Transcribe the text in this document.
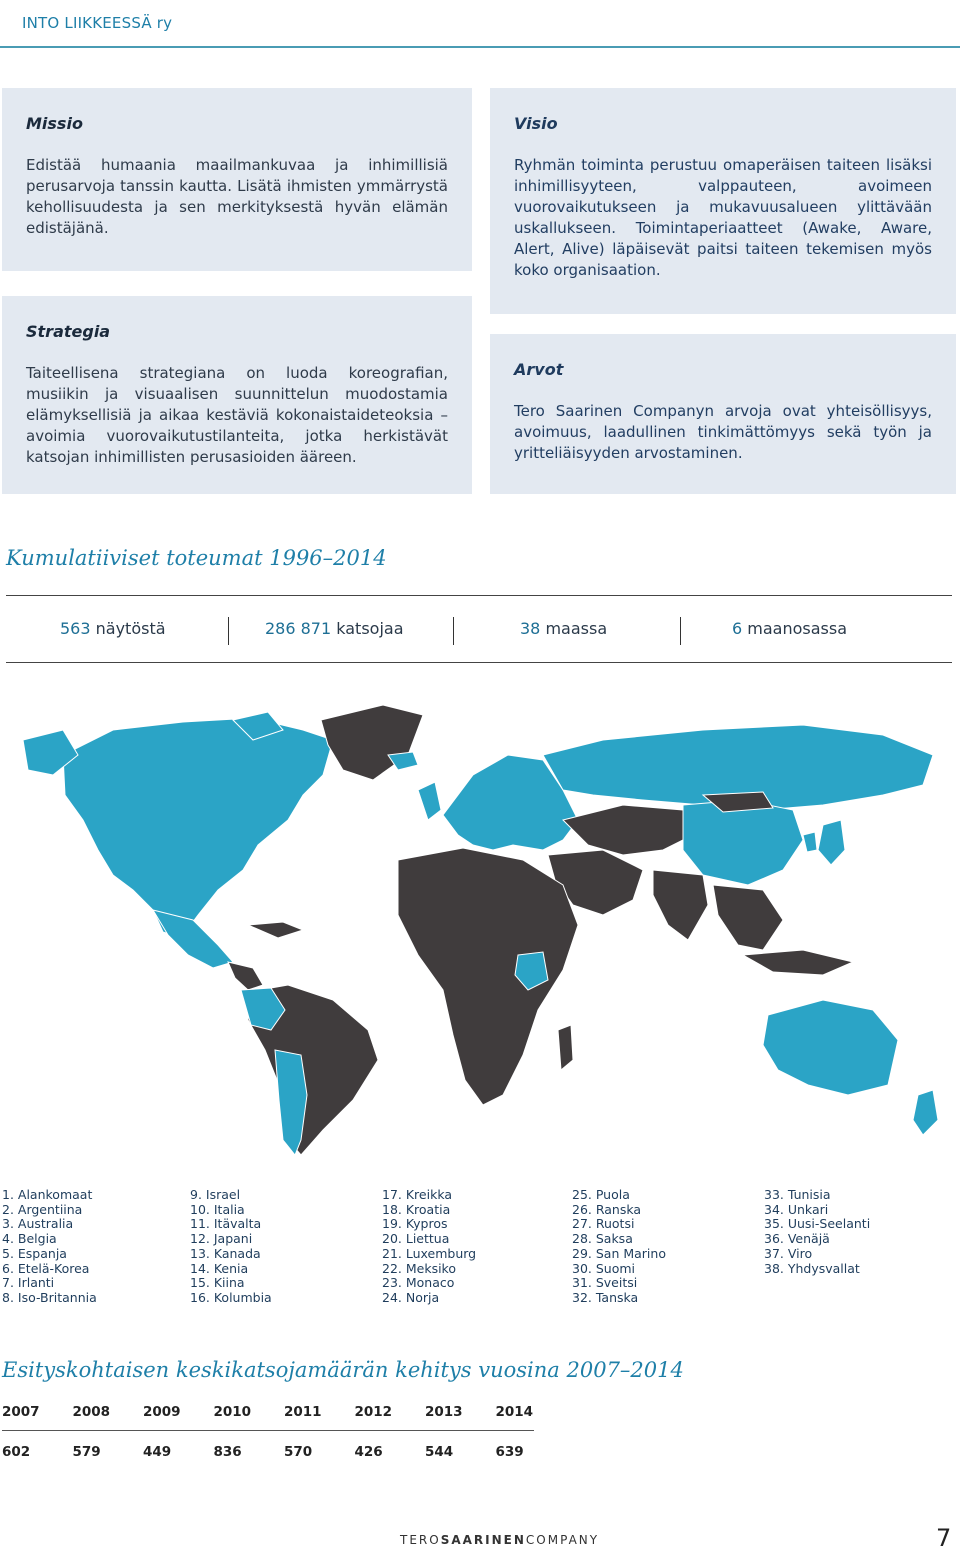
INTO LIIKKEESSÄ ry
Missio

Edistää humaania maailmankuvaa ja inhimillisiä perusarvoja tanssin kautta. Lisätä ihmisten ymmärrystä kehollisuudesta ja sen merkityksestä hyvän elämän edistäjänä.

Strategia

Taiteellisena strategiana on luoda koreografian, musiikin ja visuaalisen suunnittelun muodostamia elämyksellisiä ja aikaa kestäviä kokonaistaideteoksia – avoimia vuorovaikutustilanteita, jotka herkistävät katsojan inhimillisten perusasioiden ääreen.

Visio

Ryhmän toiminta perustuu omaperäisen taiteen lisäksi inhimillisyyteen, valppauteen, avoimeen vuorovaikutukseen ja mukavuusalueen ylittävään uskallukseen. Toimintaperiaatteet (Awake, Aware, Alert, Alive) läpäisevät paitsi taiteen tekemisen myös koko organisaation.

Arvot

Tero Saarinen Companyn arvoja ovat yhteisöllisyys, avoimuus, laadullinen tinkimättömyys sekä työn ja yritteliäisyyden arvostaminen.

Kumulatiiviset toteumat 1996–2014
563 näytöstä	286 871 katsojaa	38 maassa	6 maanosassa
1. Alankomaat
2. Argentiina
3. Australia
4. Belgia
5. Espanja
6. Etelä-Korea
7. Irlanti
8. Iso-Britannia
9. Israel
10. Italia
11. Itävalta
12. Japani
13. Kanada
14. Kenia
15. Kiina
16. Kolumbia
17. Kreikka
18. Kroatia
19. Kypros
20. Liettua
21. Luxemburg
22. Meksiko
23. Monaco
24. Norja
25. Puola
26. Ranska
27. Ruotsi
28. Saksa
29. San Marino
30. Suomi
31. Sveitsi
32. Tanska
33. Tunisia
34. Unkari
35. Uusi-Seelanti
36. Venäjä
37. Viro
38. Yhdysvallat
Esityskohtaisen keskikatsojamäärän kehitys vuosina 2007–2014
TEROSAARINENCOMPANY	7
2007 2008 2009 2010 2011 2012 2013 2014
602	579	449	836	570	426	544	639
